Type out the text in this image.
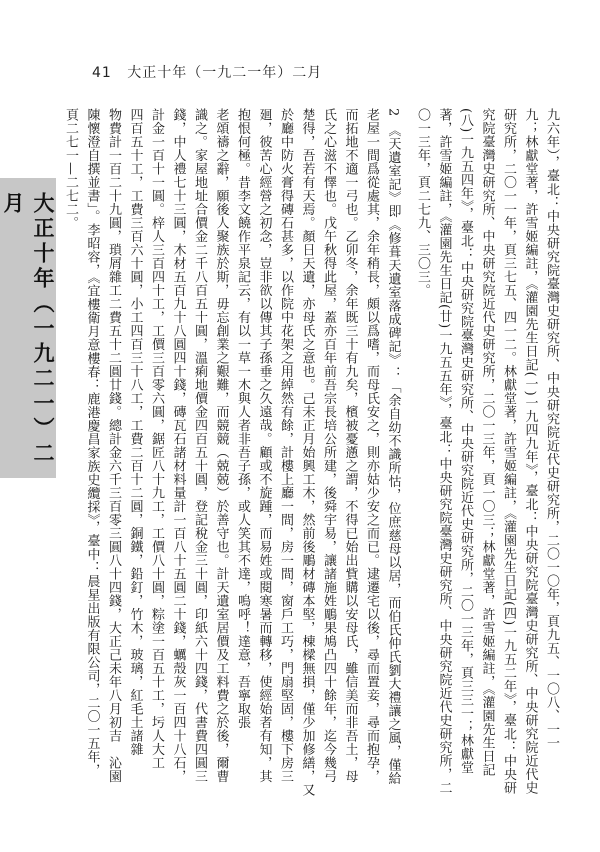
41 大正十年（一九二一年）二月
大正十年（一九二一）二月	九六年），臺北：中央研究院臺灣史研究所、中央研究院近代史研究所，二〇一〇年，頁九五、一〇八、一一
九；林獻堂著，許雪姬編註，《灌園先生日記(一)一九四九年》，臺北：中央研究院臺灣史研究所、中央研究院近代史
研究所，二〇一一年，頁三七五、四一二。林獻堂著，許雪姬編註，《灌園先生日記(四)一九五二年》，臺北：中央研
究院臺灣史研究所、中央研究院近代史研究所，二〇一三年，頁一〇三；林獻堂著，許雪姬編註，《灌園先生日記
(八)一九五四年》，臺北：中央研究院臺灣史研究所、中央研究院近代史研究所，二〇一三年，頁三三一；林獻堂
著，許雪姬編註，《灌園先生日記(廿)一九五五年》，臺北：中央研究院臺灣史研究所、中央研究院近代史研究所，二
〇一三年，頁二七九、三〇三。
2　《天遺室記》即《修葺天遺室落成碑記》：「余自幼不識所怙，位庶慈母以居，而伯氏仲氏劉大禮讓之風，僅給
老屋一間爲從處其，余年稍長，頗以爲嗜，而母氏安之，則亦姑少安之而已。逮遷宅以後，尋而置妾，尋而抱孕，
而拓地不適一弓也。乙卯冬，余年既三十有九矣，檳被憂懣之謂，不得已始出貲購以安母氏，雖信美而非吾土，母
氏之心滋不懌也。戊午秋得此屋，蓋亦百年前吾宗長培公所建，後舜宇易，讓諸施姓鵰果鳩凸四十餘年，迄今幾弓
楚得，吾若有天焉。顏日天遺，亦母氏之意也。己未正月始興工木，然前後鵰材磚本堅，棟樑無損，僅少加修繕，又
於廳中防火膏得磚石甚多，以作院中花架之用綽然有餘，計樓上廳一間，房一間，窗戶工巧，門扇堅固，樓下房三
廻，彼苦心經營之初念，豈非欲以傳其子孫垂之久遠哉。顧或不旋踵，而易姓或閱寒暑而轉移，使經始者有知，其
抱恨何極。昔李文饒作平泉記云，有以一草一木與人者非吾子孫，或人笑其不達，嗚呼！達意，吾寧取張
老頌禱之辭，願後人聚族於斯，毋忘創業之艱難，而競競（兢兢）於善守也。計天遺室居價及工料費之於後，爾曹
識之。家屋地址合價金二千八百五十圓，溫痢地價金四百五十圓，登記稅金三十圓，印紙六十四錢，代書費四圓三
錢，中人禮七十三圓，木材五百九十八圓四十錢，磚瓦石諸材料量計一百八十五圓二十錢，蠣殼灰一百四十八石，
計金一百十一圓。梓人三百四十工，工價三百零六圓，鋸匠八十九工，工價八十圓，粽塗一百五十工，圬人大工
四百五十工，工費三百六十圓，小工四百三十八工，工費二百十二圓，銅鐵，鉛釘，竹木，玻璃，紅毛土諸雜
物費計一百二十九圓，瑣屑雜工二費五十二圓廿錢。總計金六千三百零三圓八十四錢，大正己未年八月初吉　沁園
陳懷澄自撰並書」。李昭容，《宜樓衛月意樓春：鹿港慶昌家族史纜採》，臺中：晨星出版有限公司，二〇一五年，
頁二七一—二七二。
